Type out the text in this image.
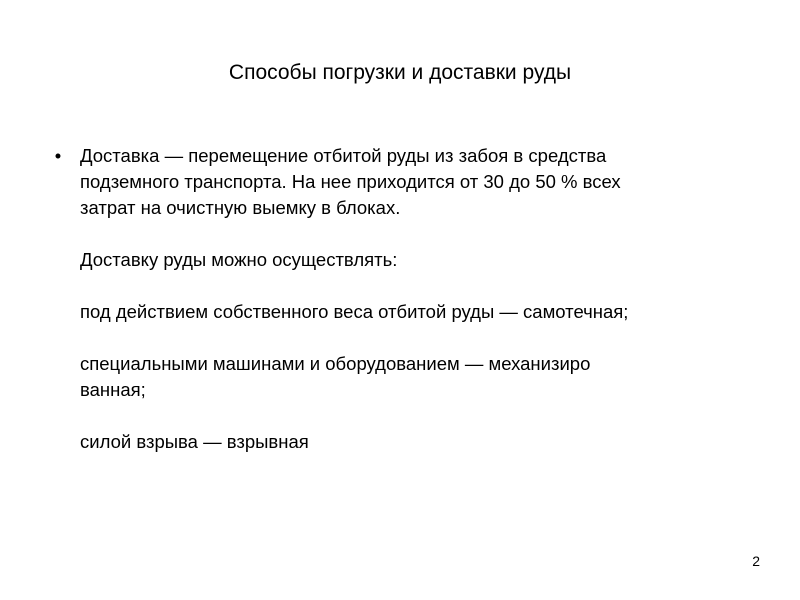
Способы погрузки и доставки руды
• Доставка — перемещение отбитой руды из забоя в средства
подземного транспорта. На нее приходится от 30 до 50 % всех
затрат на очистную выемку в блоках.
Доставку руды можно осуществлять:
под действием собственного веса отбитой руды — самотечная;
специальными машинами и оборудованием — механизиро
ванная;
силой взрыва — взрывная
2
